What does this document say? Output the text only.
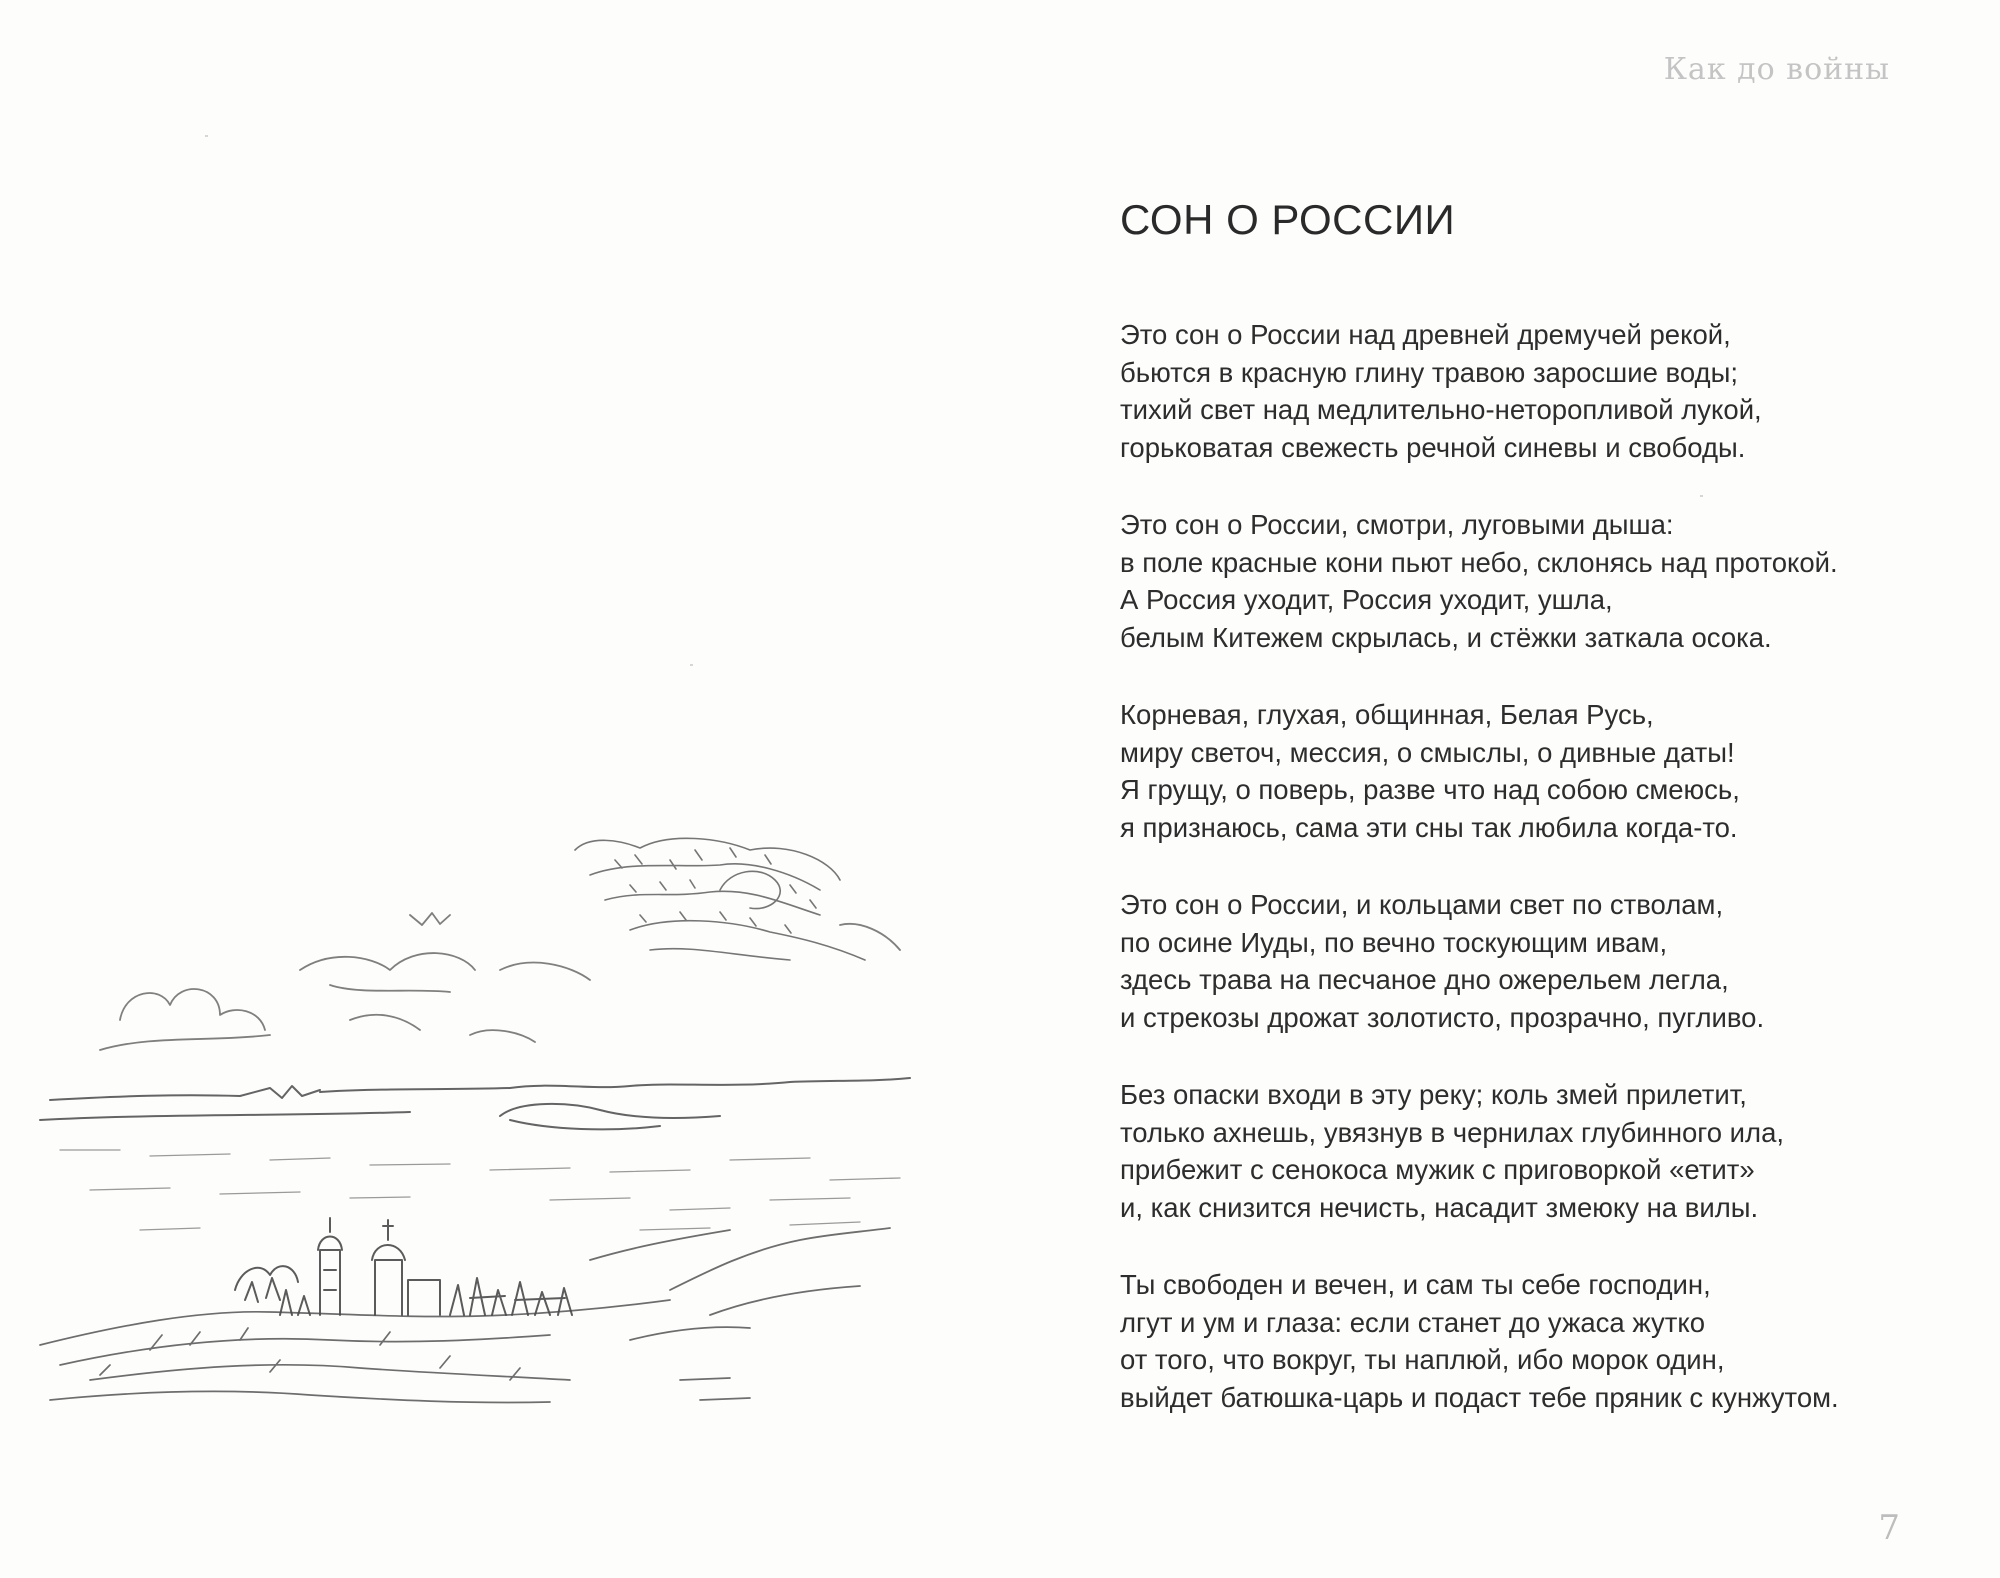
Как до войны
СОН О РОССИИ
Это сон о России над древней дремучей рекой,
бьются в красную глину травою заросшие воды;
тихий свет над медлительно-неторопливой лукой,
горьковатая свежесть речной синевы и свободы.
Это сон о России, смотри, луговыми дыша:
в поле красные кони пьют небо, склонясь над протокой.
А Россия уходит, Россия уходит, ушла,
белым Китежем скрылась, и стёжки заткала осока.
Корневая, глухая, общинная, Белая Русь,
миру светоч, мессия, о смыслы, о дивные даты!
Я грущу, о поверь, разве что над собою смеюсь,
я признаюсь, сама эти сны так любила когда-то.
Это сон о России, и кольцами свет по стволам,
по осине Иуды, по вечно тоскующим ивам,
здесь трава на песчаное дно ожерельем легла,
и стрекозы дрожат золотисто, прозрачно, пугливо.
Без опаски входи в эту реку; коль змей прилетит,
только ахнешь, увязнув в чернилах глубинного ила,
прибежит с сенокоса мужик с приговоркой «етит»
и, как снизится нечисть, насадит змеюку на вилы.
Ты свободен и вечен, и сам ты себе господин,
лгут и ум и глаза: если станет до ужаса жутко
от того, что вокруг, ты наплюй, ибо морок один,
выйдет батюшка-царь и подаст тебе пряник с кунжутом.
7
